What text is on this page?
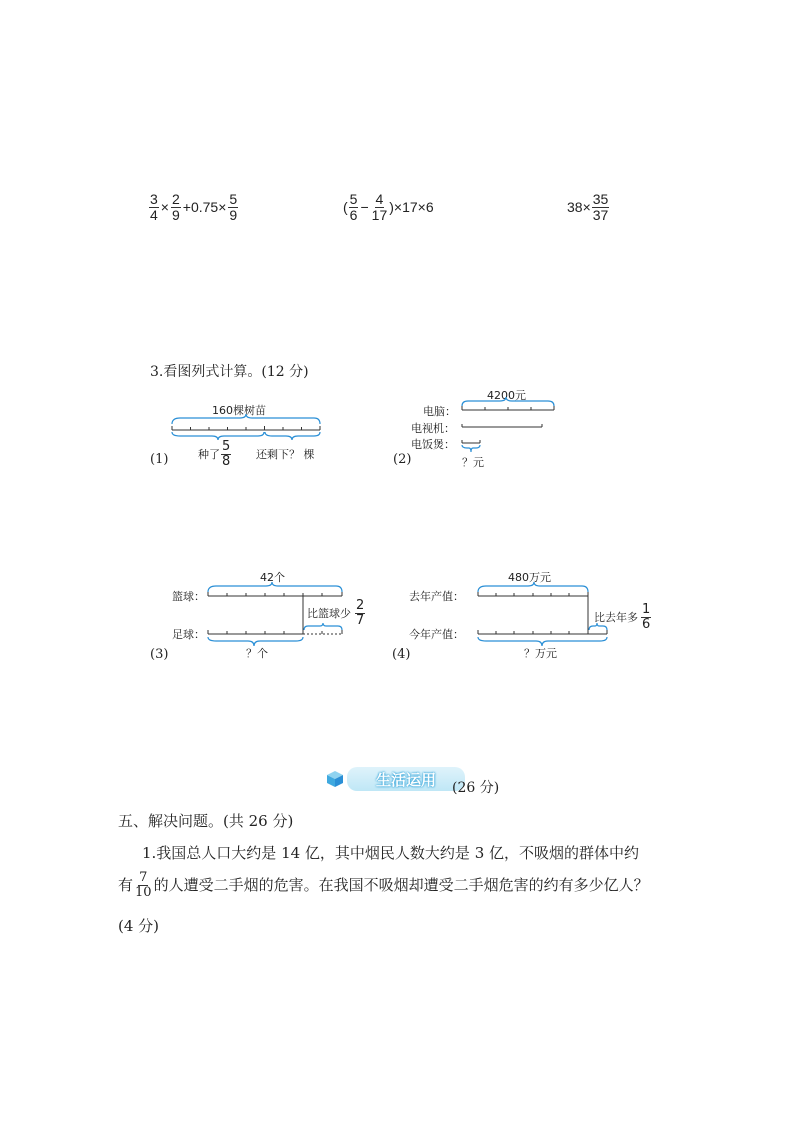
$\frac{3}{4} \times \frac{2}{9} +0.75\times \frac{5}{9}$	( $\frac{5}{6} - \frac{4}{17} )\times 17\times 6$	$38\times \frac{35}{37}$
3.看图列式计算。(12 分)
(1)
160棵树苗
种了 $\frac{5}{8}$ 还剩下？ 棵	(2)
4200元
电脑：
电视机：
电饭煲：
？元
(3)
42个
篮球：
足球：
比篮球少 $\frac{2}{7}$
？个	(4)
480万元
去年产值：
今年产值：
比去年多 $\frac{1}{6}$
？万元
生活运用	(26 分)
五、解决问题。(共 26 分)
1.我国总人口大约是 14 亿，其中烟民人数大约是 3 亿，不吸烟的群体中约
有 $\frac{7}{10}$ 的人遭受二手烟的危害。在我国不吸烟却遭受二手烟危害的约有多少亿人？
(4 分)
